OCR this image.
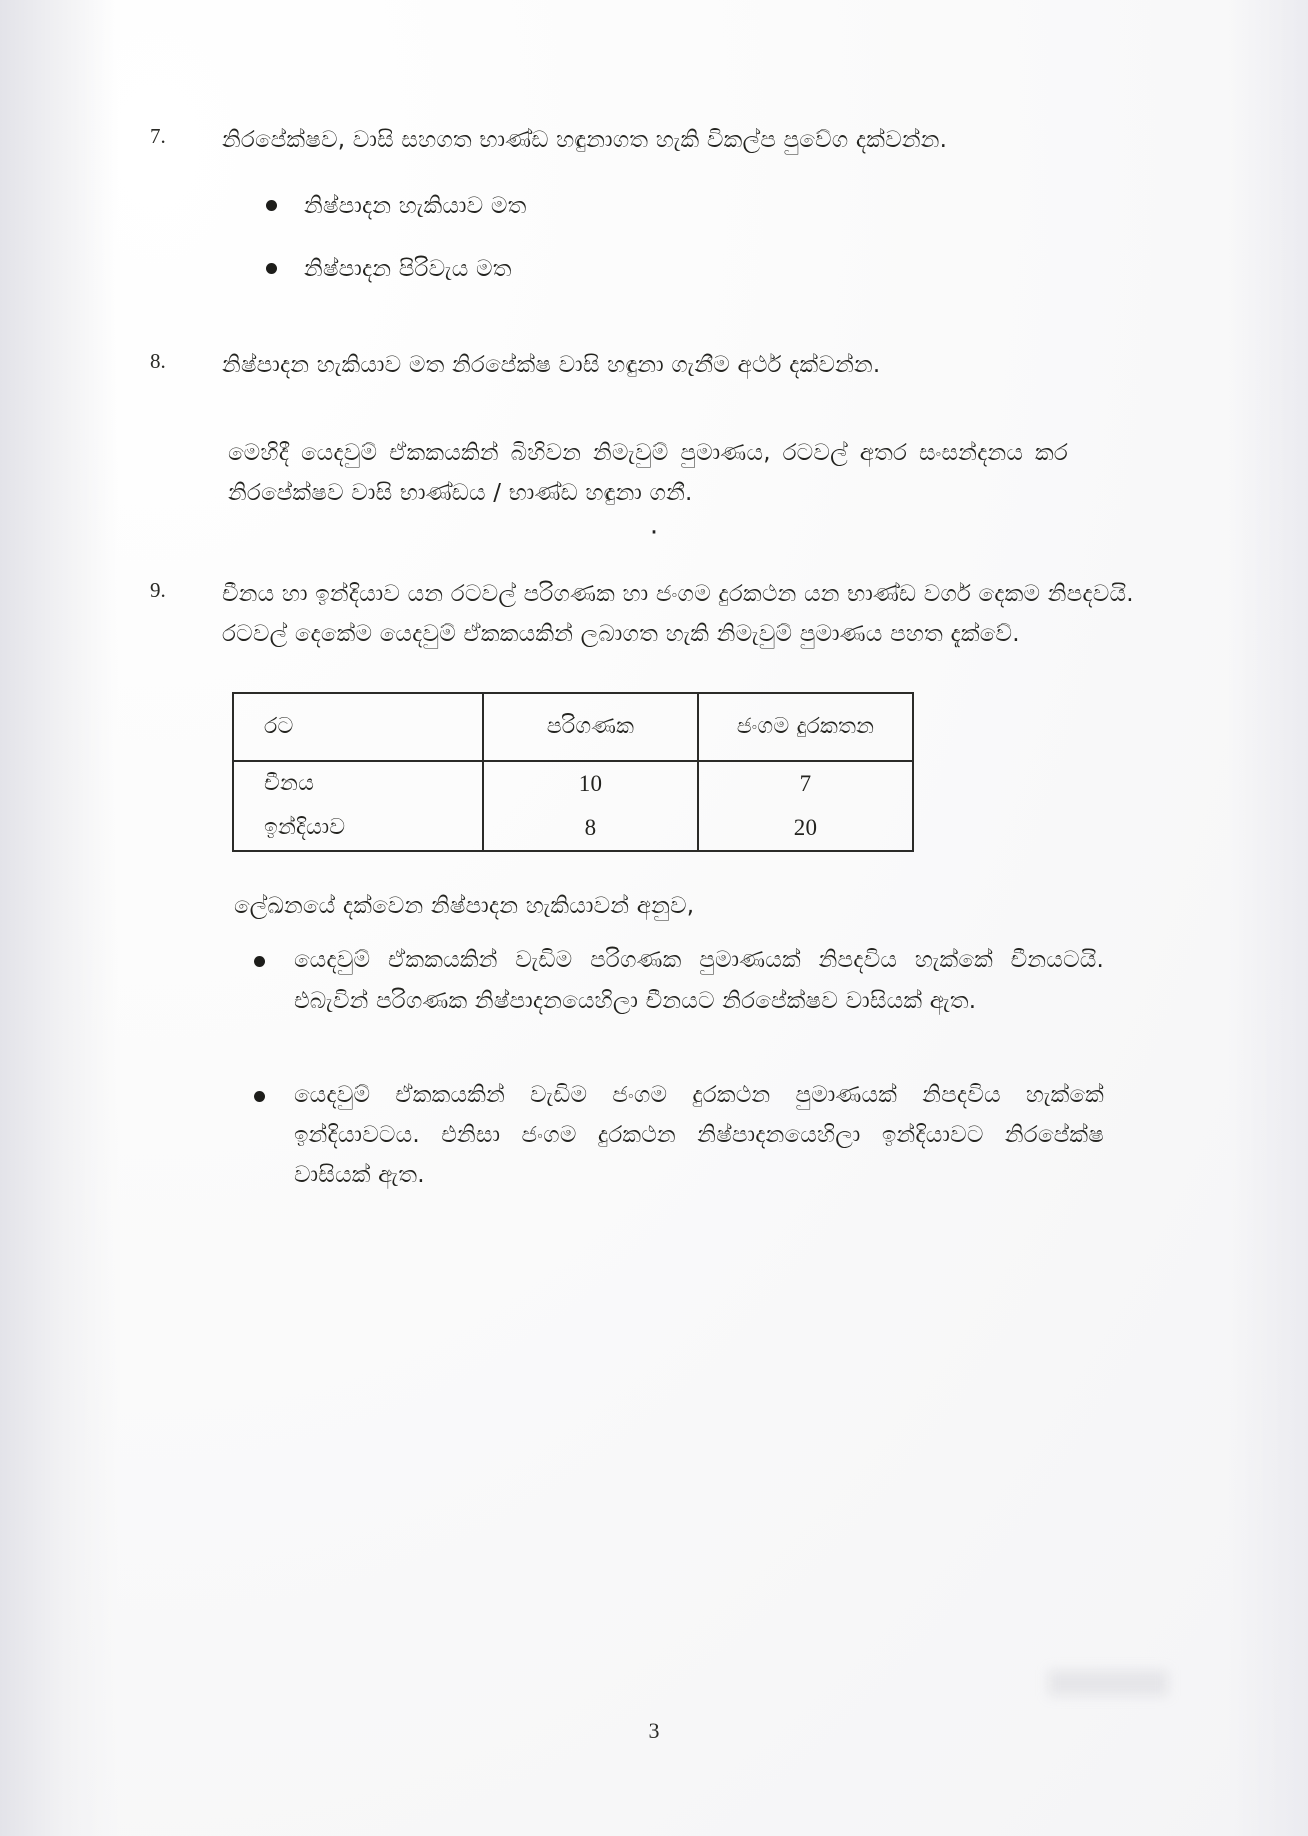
7.	නිරපේක්ෂව, වාසි සහගත භාණ්ඩ හඳුනාගත හැකි විකල්ප පුවේග දක්වන්න.
නිෂ්පාදන හැකියාව මත
නිෂ්පාදන පිරිවැය මත
8.	නිෂ්පාදන හැකියාව මත නිරපේක්ෂ වාසි හඳුනා ගැනීම අර්ථ දක්වන්න.
මෙහිදී යෙදවුම් ඒකකයකින් බිහිවන නිමැවුම් පුමාණය, රටවල් අතර සංසන්දනය කර නිරපේක්ෂව වාසි භාණ්ඩය / භාණ්ඩ හඳුනා ගනී.
·
9.	චීනය හා ඉන්දියාව යන රටවල් පරිගණක හා ජංගම දුරකථන යන භාණ්ඩ වර්ග දෙකම නිපදවයි. රටවල් දෙකේම යෙදවුම් ඒකකයකින් ලබාගත හැකි නිමැවුම් පුමාණය පහත දැක්වේ.
රට	පරිගණක	ජංගම දුරකතන
චීනය	10	7
ඉන්දියාව	8	20
ලේඛනයේ දක්වෙන නිෂ්පාදන හැකියාවන් අනුව,
යෙදවුම් ඒකකයකින් වැඩිම පරිගණක පුමාණයක් නිපදවිය හැක්කේ චීනයටයි. එබැවින් පරිගණක නිෂ්පාදනයෙහිලා චීනයට නිරපේක්ෂව වාසියක් ඇත.
යෙදවුම් ඒකකයකින් වැඩිම ජංගම දුරකථන පුමාණයක් නිපදවිය හැක්කේ ඉන්දියාවටය. එනිසා ජංගම දුරකථන නිෂ්පාදනයෙහිලා ඉන්දියාවට නිරපේක්ෂ වාසියක් ඇත.
3
